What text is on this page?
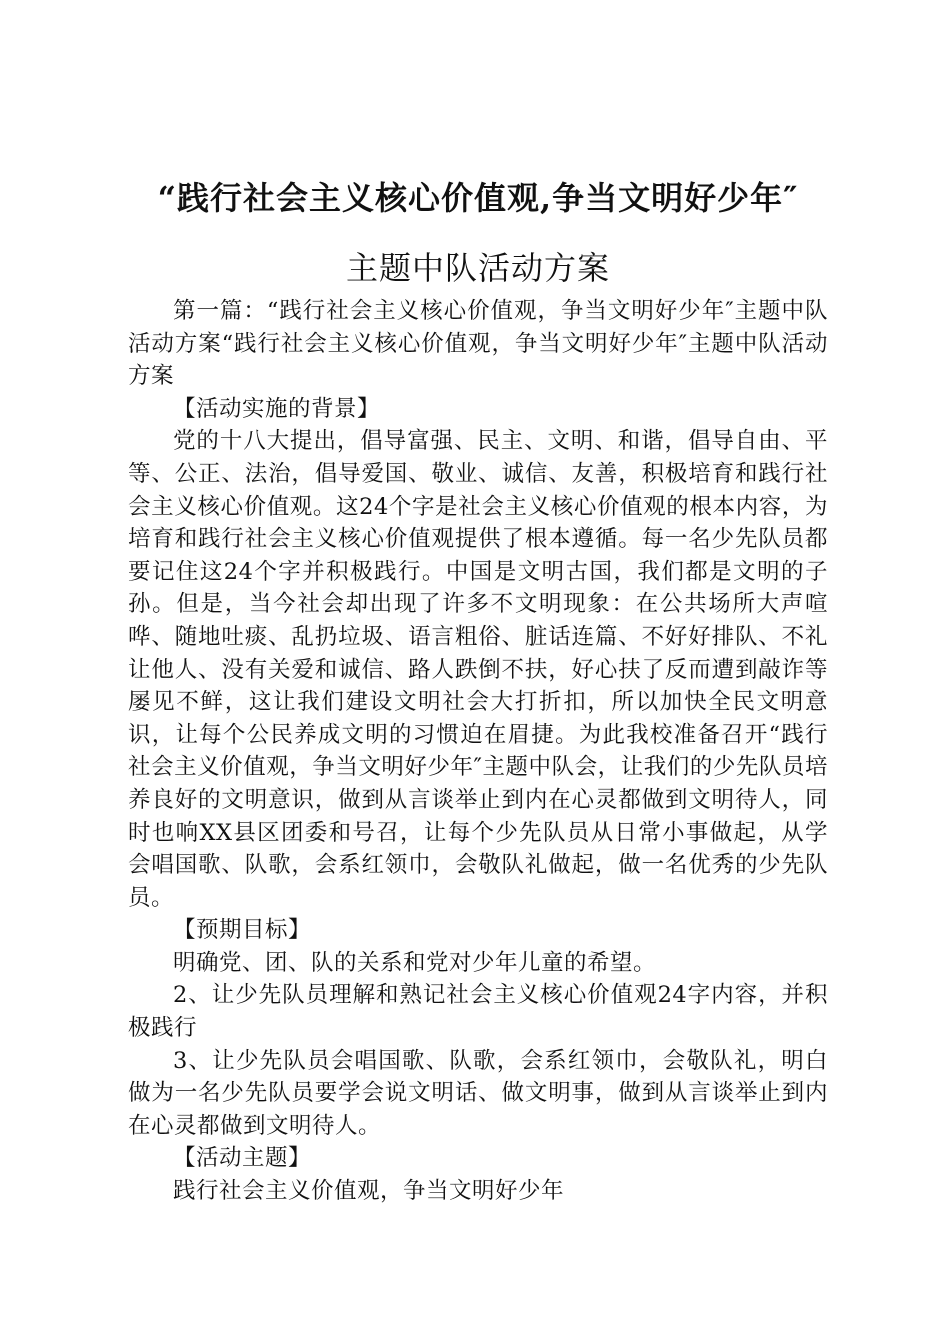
“践行社会主义核心价值观,争当文明好少年″
主题中队活动方案

第一篇：“践行社会主义核心价值观，争当文明好少年″主题中队活动方案“践行社会主义核心价值观，争当文明好少年″主题中队活动方案

【活动实施的背景】

党的十八大提出，倡导富强、民主、文明、和谐，倡导自由、平等、公正、法治，倡导爱国、敬业、诚信、友善，积极培育和践行社会主义核心价值观。这24个字是社会主义核心价值观的根本内容，为培育和践行社会主义核心价值观提供了根本遵循。每一名少先队员都要记住这24个字并积极践行。中国是文明古国，我们都是文明的子孙。但是，当今社会却出现了许多不文明现象：在公共场所大声喧哗、随地吐痰、乱扔垃圾、语言粗俗、脏话连篇、不好好排队、不礼让他人、没有关爱和诚信、路人跌倒不扶，好心扶了反而遭到敲诈等屡见不鲜，这让我们建设文明社会大打折扣，所以加快全民文明意识，让每个公民养成文明的习惯迫在眉捷。为此我校准备召开“践行社会主义价值观，争当文明好少年″主题中队会，让我们的少先队员培养良好的文明意识，做到从言谈举止到内在心灵都做到文明待人，同时也响XX县区团委和号召，让每个少先队员从日常小事做起，从学会唱国歌、队歌，会系红领巾，会敬队礼做起，做一名优秀的少先队员。

【预期目标】

明确党、团、队的关系和党对少年儿童的希望。

2、让少先队员理解和熟记社会主义核心价值观24字内容，并积极践行

3、让少先队员会唱国歌、队歌，会系红领巾，会敬队礼，明白做为一名少先队员要学会说文明话、做文明事，做到从言谈举止到内在心灵都做到文明待人。

【活动主题】

践行社会主义价值观，争当文明好少年
